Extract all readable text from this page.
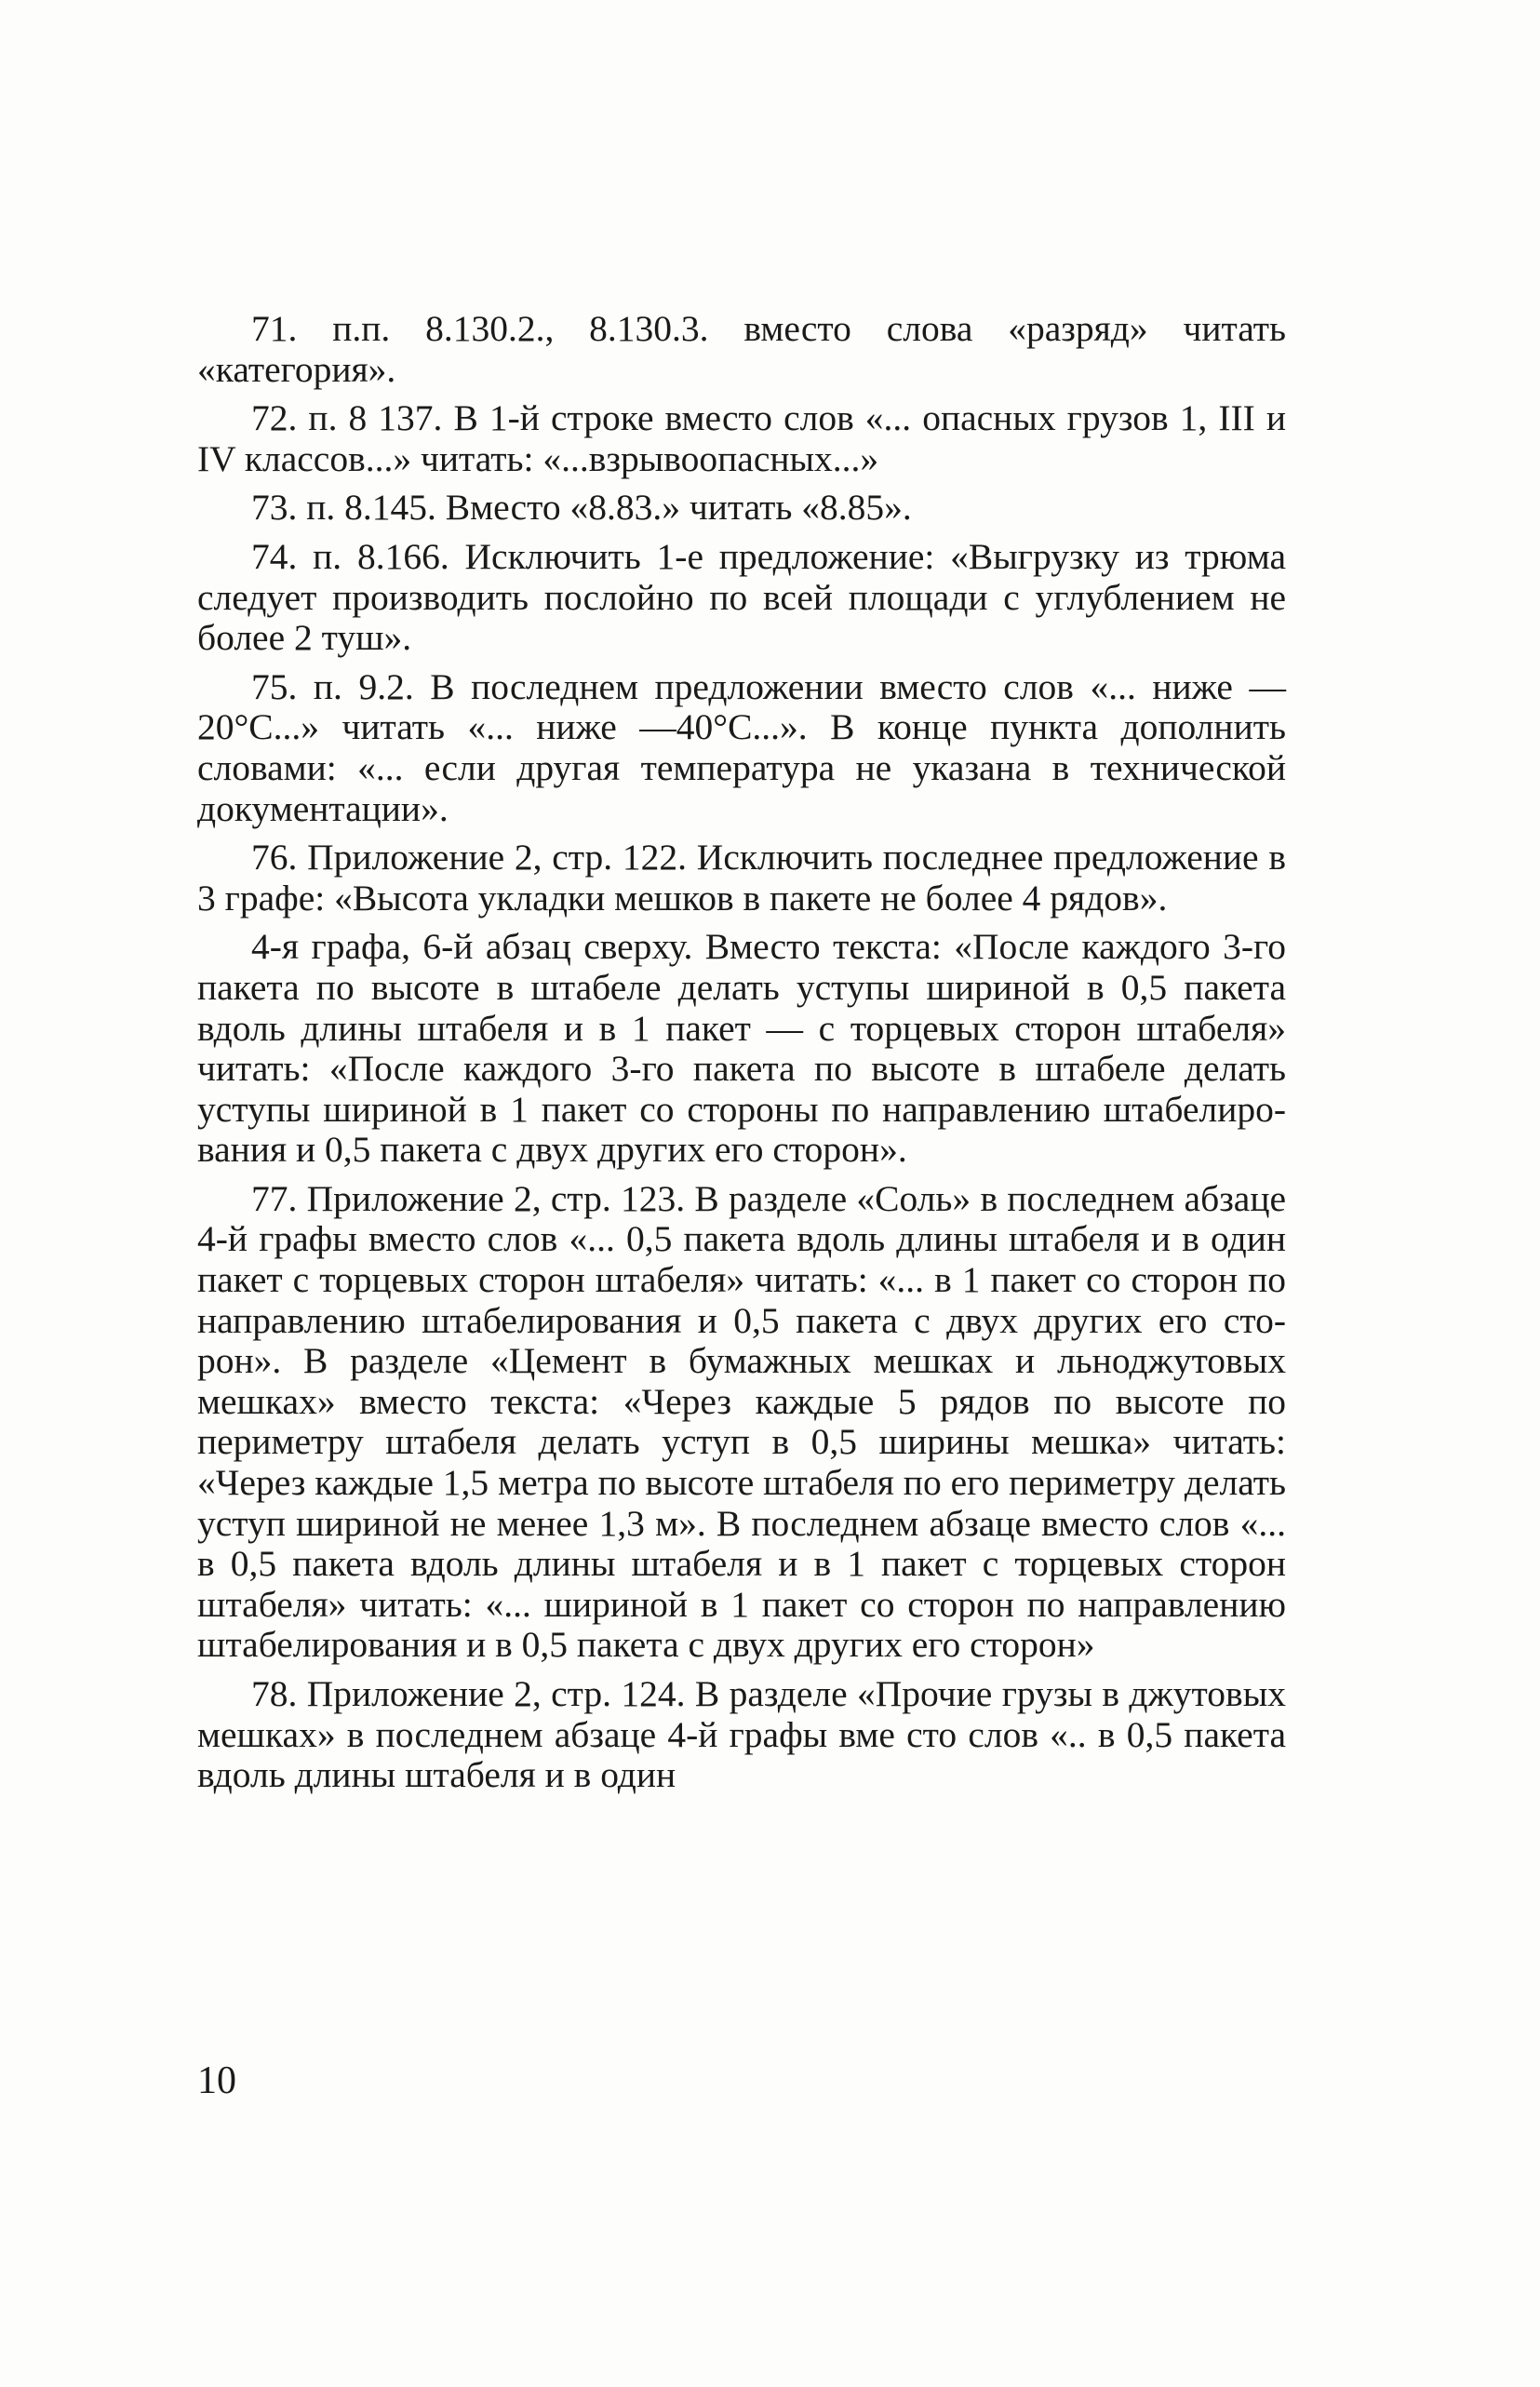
71. п.п. 8.130.2., 8.130.3. вместо слова «разряд» читать «категория».

72. п. 8 137. В 1-й строке вместо слов «... опасных грузов 1, III и IV классов...» читать: «...взрывоопасных...»

73. п. 8.145. Вместо «8.83.» читать «8.85».

74. п. 8.166. Исключить 1-е предложение: «Выгрузку из трюма следует производить послойно по всей площади с углублением не более 2 туш».

75. п. 9.2. В последнем предложении вместо слов «... ниже —20°С...» читать «... ниже —40°С...». В конце пункта дополнить словами: «... если другая температура не указана в технической документации».

76. Приложение 2, стр. 122. Исключить последнее предложение в 3 графе: «Высота укладки мешков в пакете не более 4 рядов».

4-я графа, 6-й абзац сверху. Вместо текста: «После каждого 3-го пакета по высоте в штабеле делать уступы шириной в 0,5 пакета вдоль длины штабеля и в 1 пакет — с торцевых сторон штабеля» читать: «После каждого 3-го пакета по высоте в штабеле делать уступы шириной в 1 пакет со стороны по направлению штабелирования и 0,5 пакета с двух других его сторон».

77. Приложение 2, стр. 123. В разделе «Соль» в последнем абзаце 4-й графы вместо слов «... 0,5 пакета вдоль длины штабеля и в один пакет с торцевых сторон штабеля» читать: «... в 1 пакет со сторон по направлению штабелирования и 0,5 пакета с двух других его сторон». В разделе «Цемент в бумажных мешках и льноджутовых мешках» вместо текста: «Через каждые 5 рядов по высоте по периметру штабеля делать уступ в 0,5 ширины мешка» читать: «Через каждые 1,5 метра по высоте штабеля по его периметру делать уступ шириной не менее 1,3 м». В последнем абзаце вместо слов «... в 0,5 пакета вдоль длины штабеля и в 1 пакет с торцевых сторон штабеля» читать: «... шириной в 1 пакет со сторон по направлению штабелирования и в 0,5 пакета с двух других его сторон»

78. Приложение 2, стр. 124. В разделе «Прочие грузы в джутовых мешках» в последнем абзаце 4-й графы вме сто слов «.. в 0,5 пакета вдоль длины штабеля и в один

10
